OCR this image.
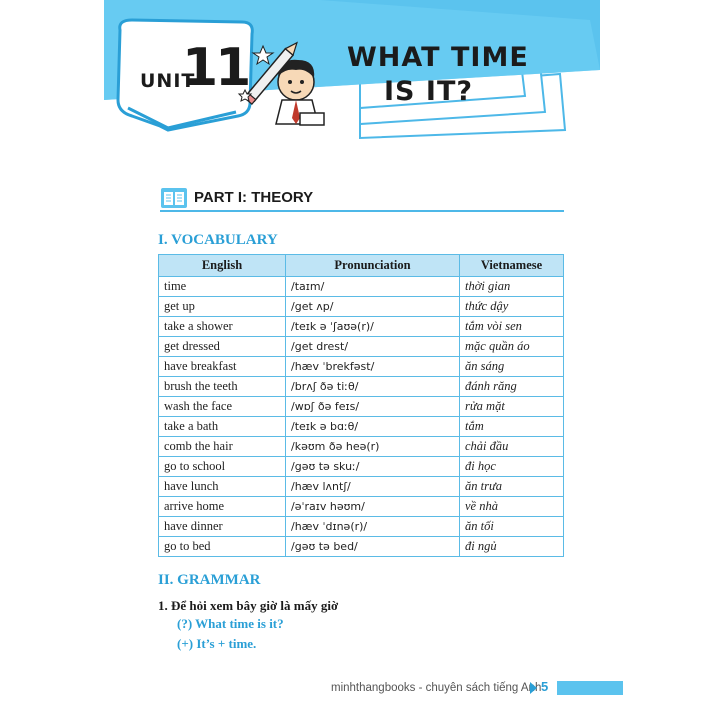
UNIT
11	WHAT TIME
IS IT?
PART I: THEORY
I. VOCABULARY
English	Pronunciation	Vietnamese
time	/taɪm/	thời gian
get up	/get ʌp/	thức dậy
take a shower	/teɪk ə ˈʃaʊə(r)/	tắm vòi sen
get dressed	/get drest/	mặc quần áo
have breakfast	/hæv ˈbrekfəst/	ăn sáng
brush the teeth	/brʌʃ ðə tiːθ/	đánh răng
wash the face	/wɒʃ ðə feɪs/	rửa mặt
take a bath	/teɪk ə bɑːθ/	tắm
comb the hair	/kəʊm ðə heə(r)	chải đầu
go to school	/gəʊ tə skuː/	đi học
have lunch	/hæv lʌntʃ/	ăn trưa
arrive home	/əˈraɪv həʊm/	về nhà
have dinner	/hæv ˈdɪnə(r)/	ăn tối
go to bed	/gəʊ tə bed/	đi ngủ
II. GRAMMAR
1. Để hỏi xem bây giờ là mấy giờ
(?) What time is it?
(+) It’s + time.
minhthangbooks - chuyên sách tiếng Anh 5
